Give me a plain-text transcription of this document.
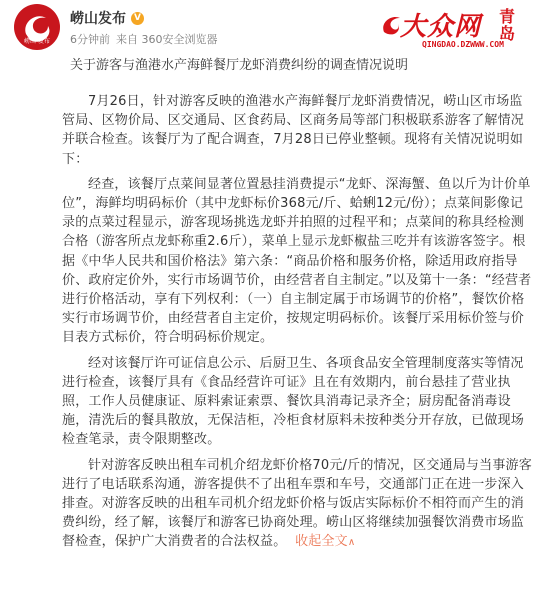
崂山·发布
崂山发布 V
6分钟前 来自 360安全浏览器	大众网 青岛
QINGDAO.DZWWW.COM
关于游客与渔港水产海鲜餐厅龙虾消费纠纷的调查情况说明

7月26日，针对游客反映的渔港水产海鲜餐厅龙虾消费情况，崂山区市场监管局、区物价局、区交通局、区食药局、区商务局等部门积极联系游客了解情况并联合检查。该餐厅为了配合调查，7月28日已停业整顿。现将有关情况说明如下：

经查，该餐厅点菜间显著位置悬挂消费提示“龙虾、深海蟹、鱼以斤为计价单位”，海鲜均明码标价（其中龙虾标价368元/斤、蛤蜊12元/份）；点菜间影像记录的点菜过程显示，游客现场挑选龙虾并拍照的过程平和；点菜间的称具经检测合格（游客所点龙虾称重2.6斤），菜单上显示龙虾椒盐三吃并有该游客签字。根据《中华人民共和国价格法》第六条：“商品价格和服务价格，除适用政府指导价、政府定价外，实行市场调节价，由经营者自主制定。”以及第十一条：“经营者进行价格活动，享有下列权利：（一）自主制定属于市场调节的价格”，餐饮价格实行市场调节价，由经营者自主定价，按规定明码标价。该餐厅采用标价签与价目表方式标价，符合明码标价规定。

经对该餐厅许可证信息公示、后厨卫生、各项食品安全管理制度落实等情况进行检查，该餐厅具有《食品经营许可证》且在有效期内，前台悬挂了营业执照，工作人员健康证、原料索证索票、餐饮具消毒记录齐全；厨房配备消毒设施，清洗后的餐具散放，无保洁柜，冷柜食材原料未按种类分开存放，已做现场检查笔录，责令限期整改。

针对游客反映出租车司机介绍龙虾价格70元/斤的情况，区交通局与当事游客进行了电话联系沟通，游客提供不了出租车票和车号，交通部门正在进一步深入排查。对游客反映的出租车司机介绍龙虾价格与饭店实际标价不相符而产生的消费纠纷，经了解，该餐厅和游客已协商处理。崂山区将继续加强餐饮消费市场监督检查，保护广大消费者的合法权益。 收起全文∧
